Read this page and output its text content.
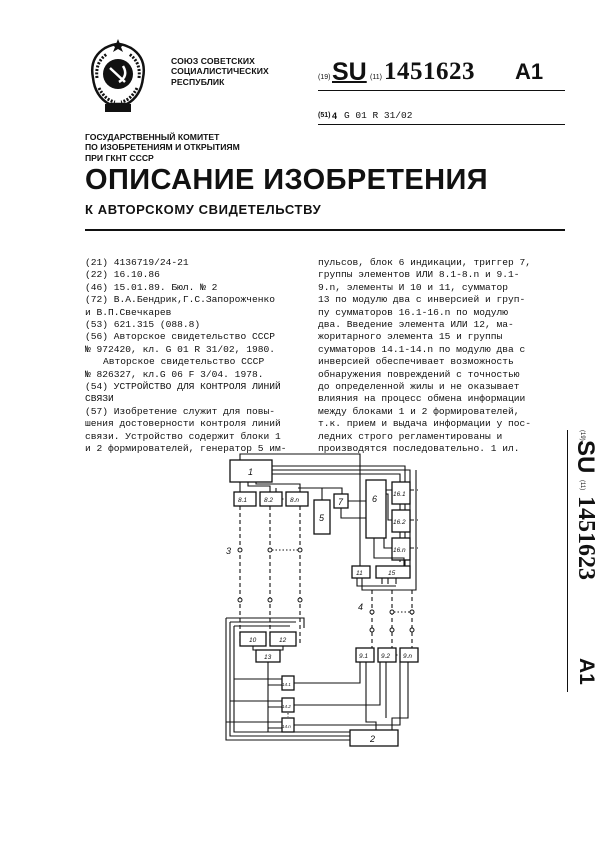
СОЮЗ СОВЕТСКИХ
СОЦИАЛИСТИЧЕСКИХ
РЕСПУБЛИК	(19) SU (11) 1451623 A1
(51) 4 G 01 R 31/02
ГОСУДАРСТВЕННЫЙ КОМИТЕТ
ПО ИЗОБРЕТЕНИЯМ И ОТКРЫТИЯМ
ПРИ ГКНТ СССР
ОПИСАНИЕ ИЗОБРЕТЕНИЯ
К АВТОРСКОМУ СВИДЕТЕЛЬСТВУ
(21) 4136719/24-21
(22) 16.10.86
(46) 15.01.89. Бюл. № 2
(72) В.А.Бендрик,Г.С.Запорожченко
и В.П.Свечкарев
(53) 621.315 (088.8)
(56) Авторское свидетельство СССР
№ 972420, кл. G 01 R 31/02, 1980.
Авторское свидетельство СССР
№ 826327, кл.G 06 F 3/04. 1978.
(54) УСТРОЙСТВО ДЛЯ КОНТРОЛЯ ЛИНИЙ
СВЯЗИ
(57) Изобретение служит для повы-
шения достоверности контроля линий
связи. Устройство содержит блоки 1
и 2 формирователей, генератор 5 им-
пульсов, блок 6 индикации, триггер 7,
группы элементов ИЛИ 8.1-8.n и 9.1-
9.n, элементы И 10 и 11, сумматор
13 по модулю два с инверсией и груп-
пу сумматоров 16.1-16.n по модулю
два. Введение элемента ИЛИ 12, ма-
жоритарного элемента 15 и группы
сумматоров 14.1-14.n по модулю два с
инверсией обеспечивает возможность
обнаружения повреждений с точностью
до определенной жилы и не оказывает
влияния на процесс обмена информации
между блоками 1 и 2 формирователей,
т.к. прием и выдача информации у пос-
ледних строго регламентированы и
производятся последовательно. 1 ил.
(19)
SU
(11)
1451623
A1
1
8.1	8.2	8.n
5
7	6 16.1
16.2
16.n
11	15
3
4
10	12
13
14.1
14.2
14.n
9.1 9.2 9.n
2
